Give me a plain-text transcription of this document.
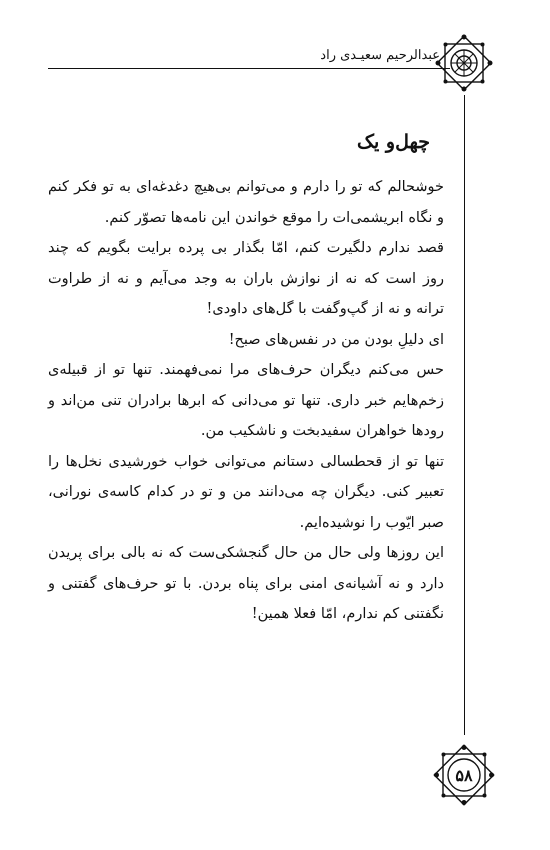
عبدالرحیم سعیـدی راد
چهل‌و یک

خوشحالم که تو را دارم و می‌توانم بی‌هیچ دغدغه‌ای به تو فکر کنم و نگاه ابریشمی‌ات را موقع خواندن این نامه‌ها تصوّر کنم.

قصد ندارم دلگیرت کنم، امّا بگذار بی پرده برایت بگویم که چند روز است که نه از نوازش باران به وجد می‌آیم و نه از طراوت ترانه و نه از گپ‌وگفت با گل‌های داودی!

ای دلیلِ بودن من در نفس‌های صبح!

حس می‌کنم دیگران حرف‌های مرا نمی‌فهمند. تنها تو از قبیله‌ی زخم‌هایم خبر داری. تنها تو می‌دانی که ابرها برادران تنی من‌اند و رودها خواهران سفیدبخت و ناشکیب من.

تنها تو از قحطسالی دستانم می‌توانی خواب خورشیدی نخل‌ها را تعبیر کنی. دیگران چه می‌دانند من و تو در کدام کاسه‌ی نورانی، صبر ایّوب را نوشیده‌ایم.

این روزها ولی حال من حال گنجشکی‌ست که نه بالی برای پریدن دارد و نه آشیانه‌ی امنی برای پناه بردن. با تو حرف‌های گفتنی و نگفتنی کم ندارم، امّا فعلا همین!

۵۸
